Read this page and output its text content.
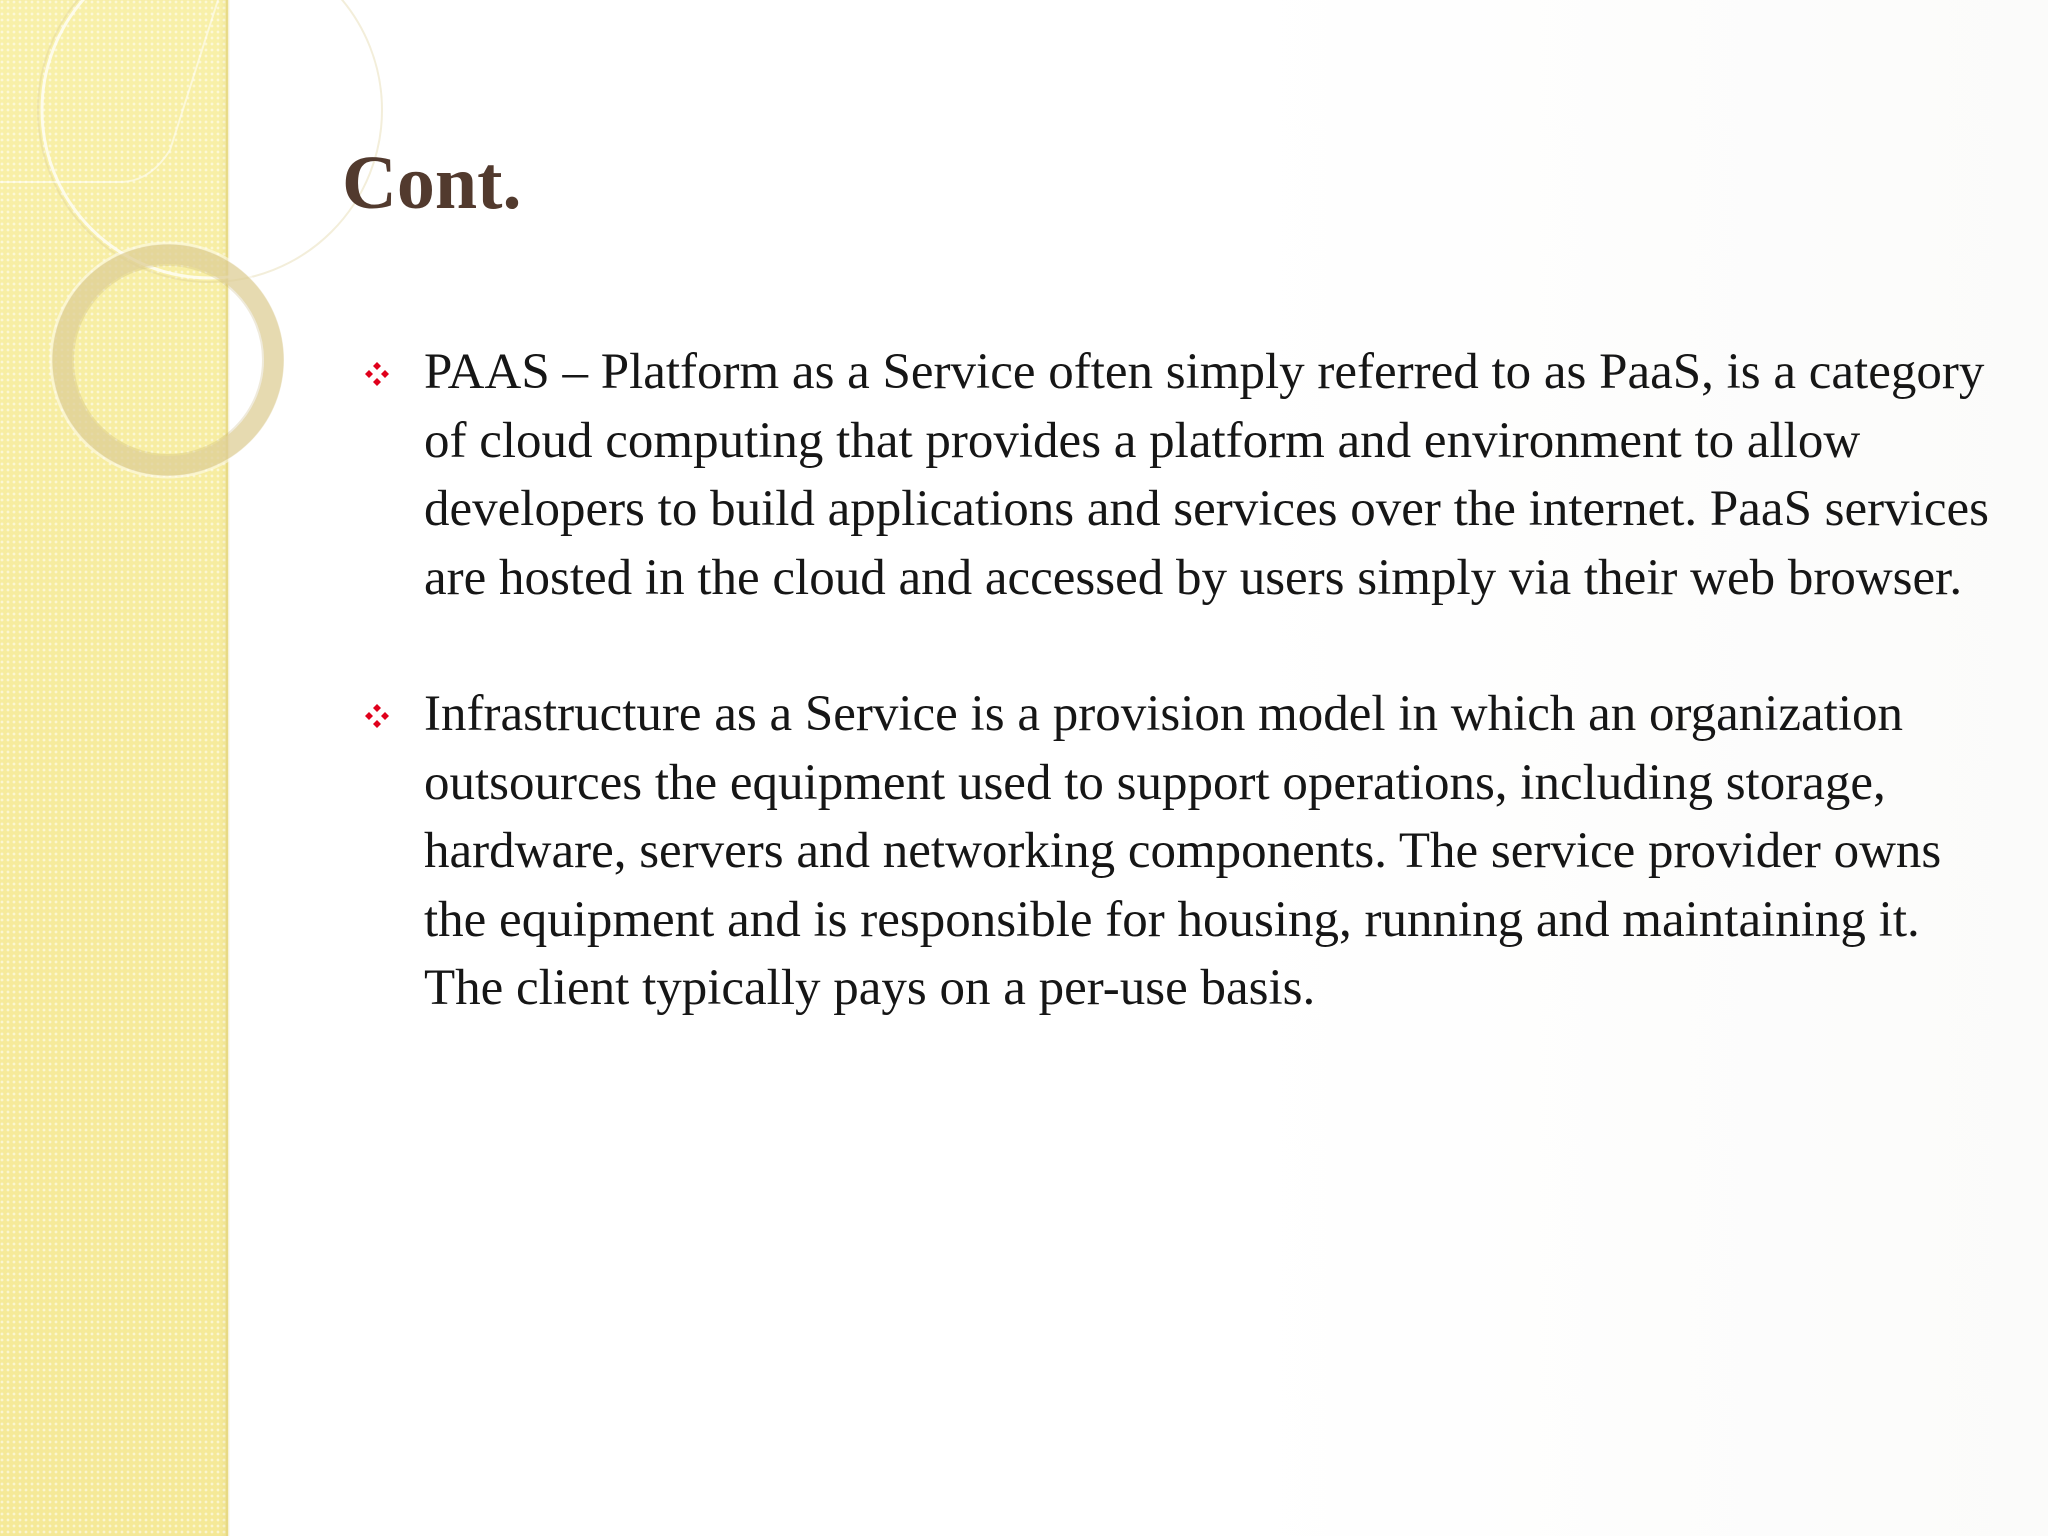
Cont.
PAAS – Platform as a Service often simply referred to as PaaS, is a category of cloud computing that provides a platform and environment to allow developers to build applications and services over the internet. PaaS services are hosted in the cloud and accessed by users simply via their web browser.
Infrastructure as a Service is a provision model in which an organization outsources the equipment used to support operations, including storage, hardware, servers and networking components. The service provider owns the equipment and is responsible for housing, running and maintaining it. The client typically pays on a per-use basis.
